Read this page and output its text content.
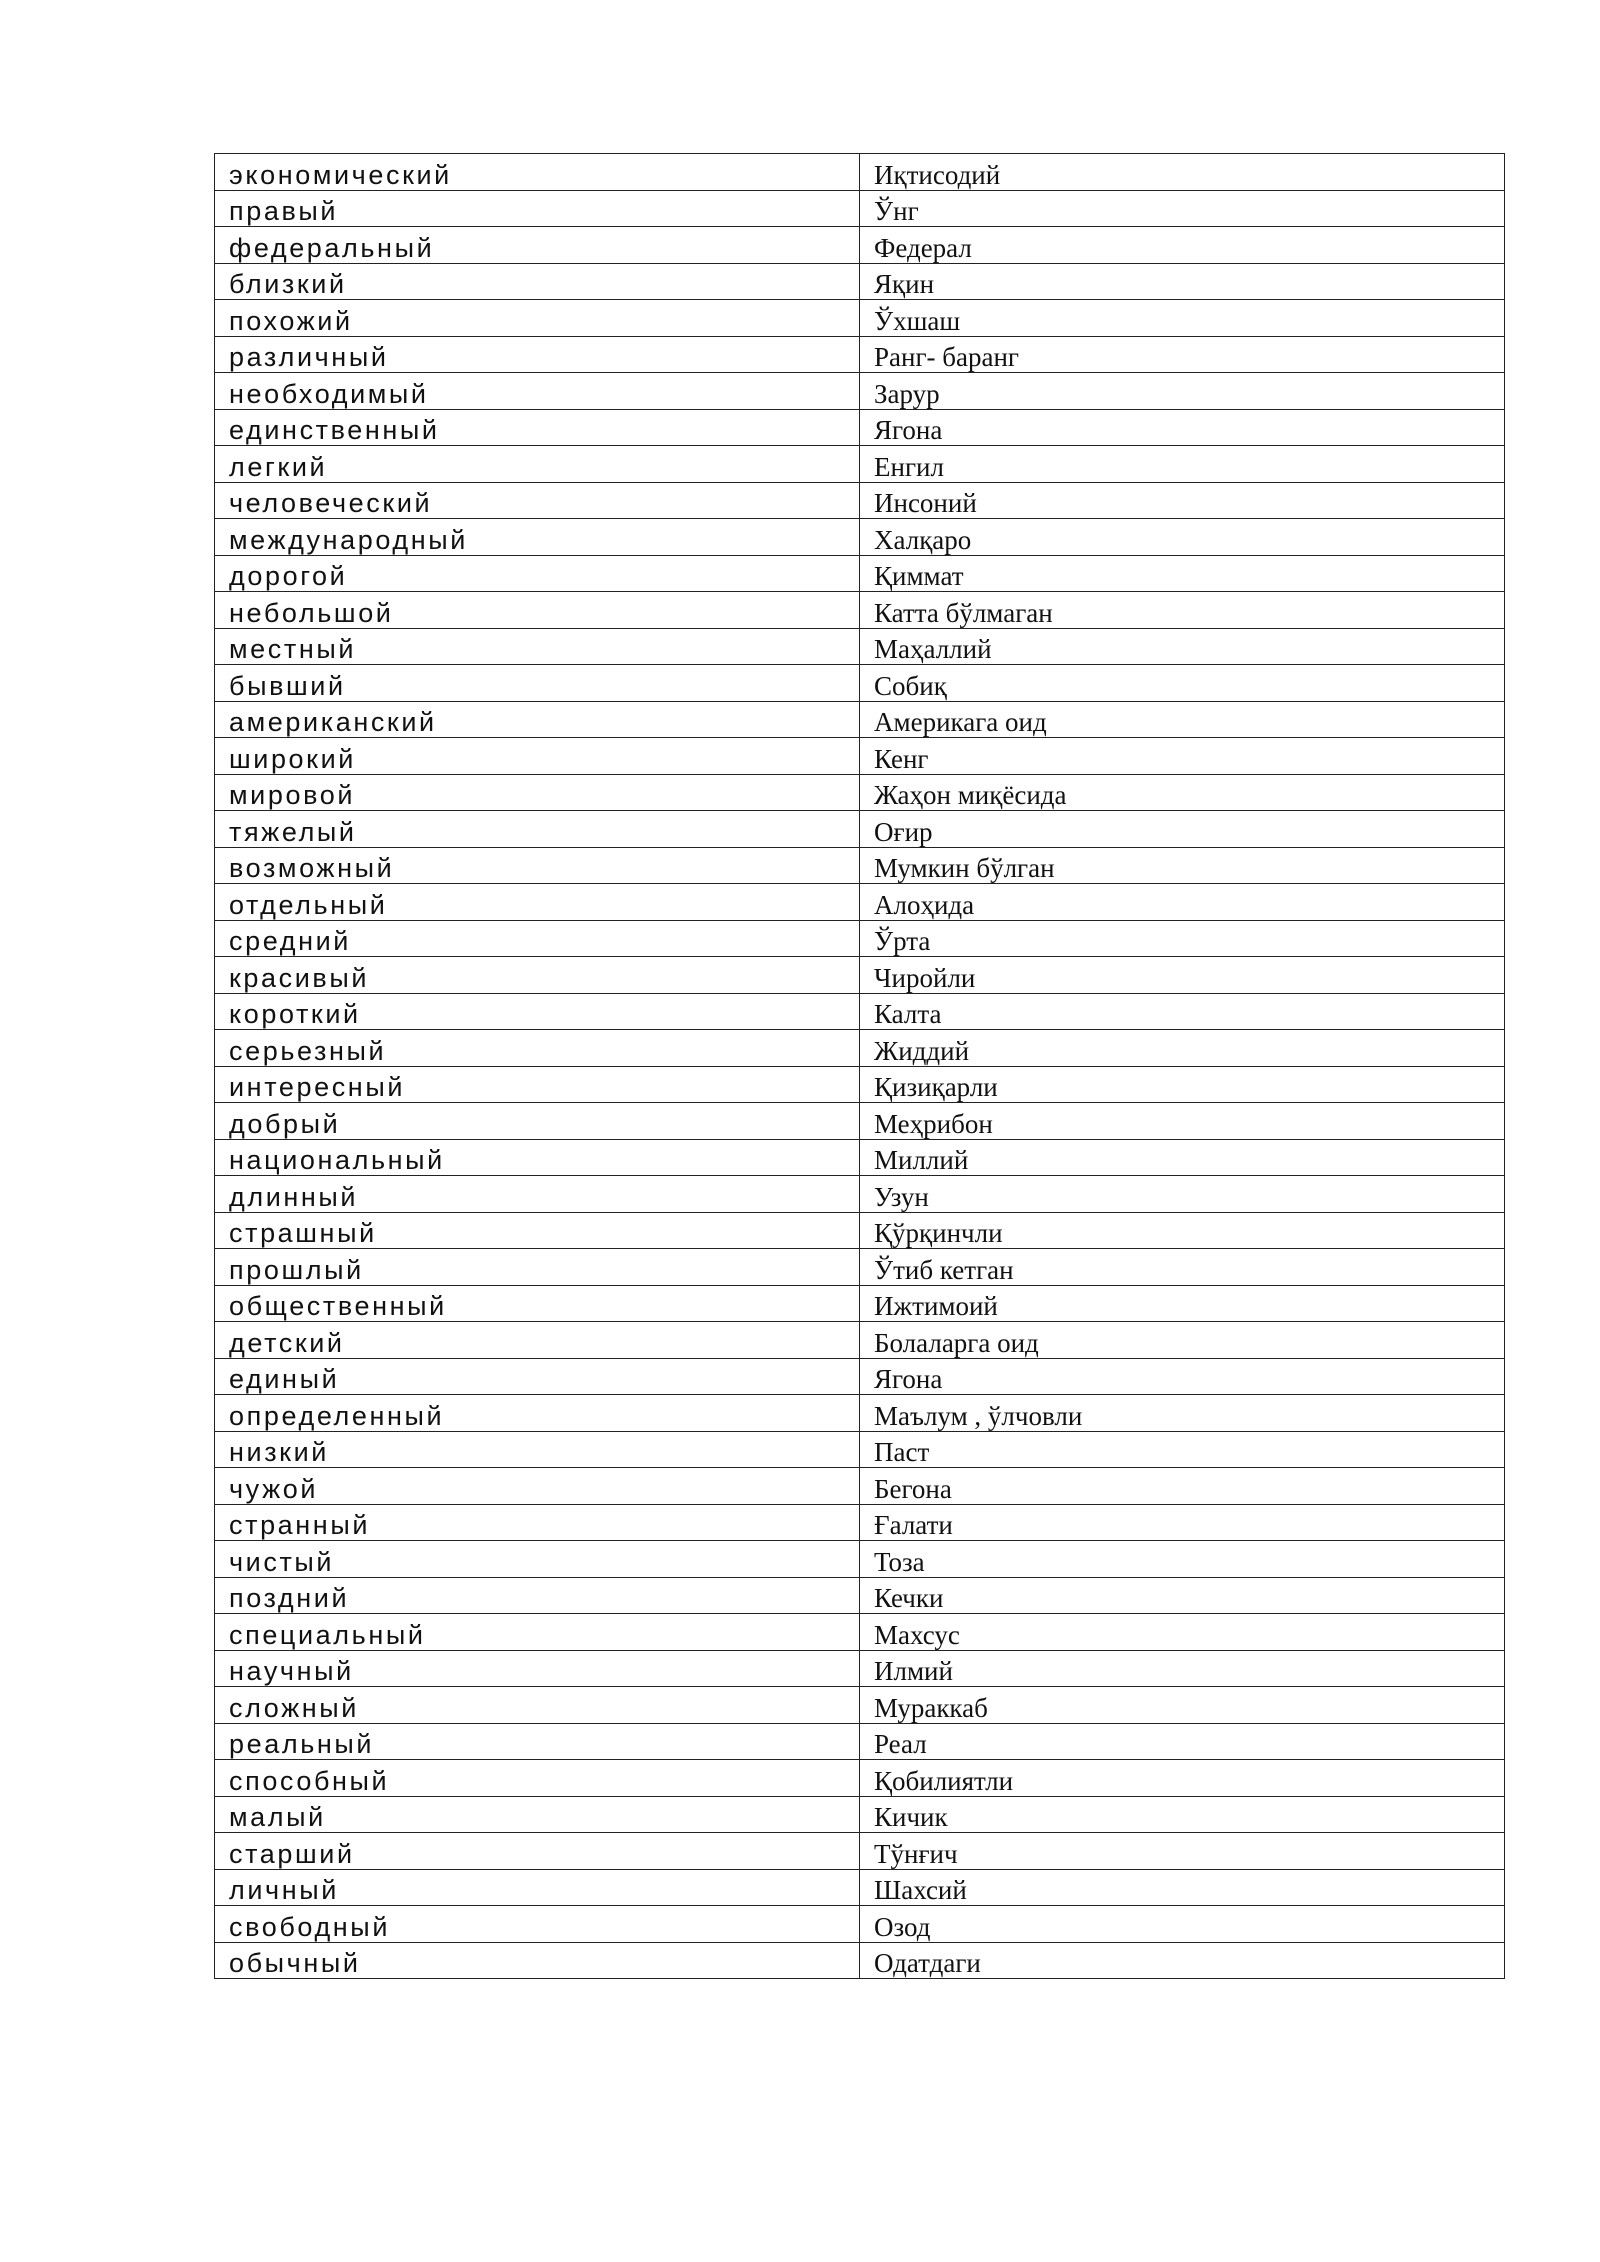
экономический	Иқтисодий
правый	Ўнг
федеральный	Федерал
близкий	Яқин
похожий	Ўхшаш
различный	Ранг- баранг
необходимый	Зарур
единственный	Ягона
легкий	Енгил
человеческий	Инсоний
международный	Халқаро
дорогой	Қиммат
небольшой	Катта бўлмаган
местный	Маҳаллий
бывший	Собиқ
американский	Америкага оид
широкий	Кенг
мировой	Жаҳон миқёсида
тяжелый	Оғир
возможный	Мумкин бўлган
отдельный	Алоҳида
средний	Ўрта
красивый	Чиройли
короткий	Калта
серьезный	Жиддий
интересный	Қизиқарли
добрый	Меҳрибон
национальный	Миллий
длинный	Узун
страшный	Қўрқинчли
прошлый	Ўтиб кетган
общественный	Ижтимоий
детский	Болаларга оид
единый	Ягона
определенный	Маълум , ўлчовли
низкий	Паст
чужой	Бегона
странный	Ғалати
чистый	Тоза
поздний	Кечки
специальный	Махсус
научный	Илмий
сложный	Мураккаб
реальный	Реал
способный	Қобилиятли
малый	Кичик
старший	Тўнғич
личный	Шахсий
свободный	Озод
обычный	Одатдаги
